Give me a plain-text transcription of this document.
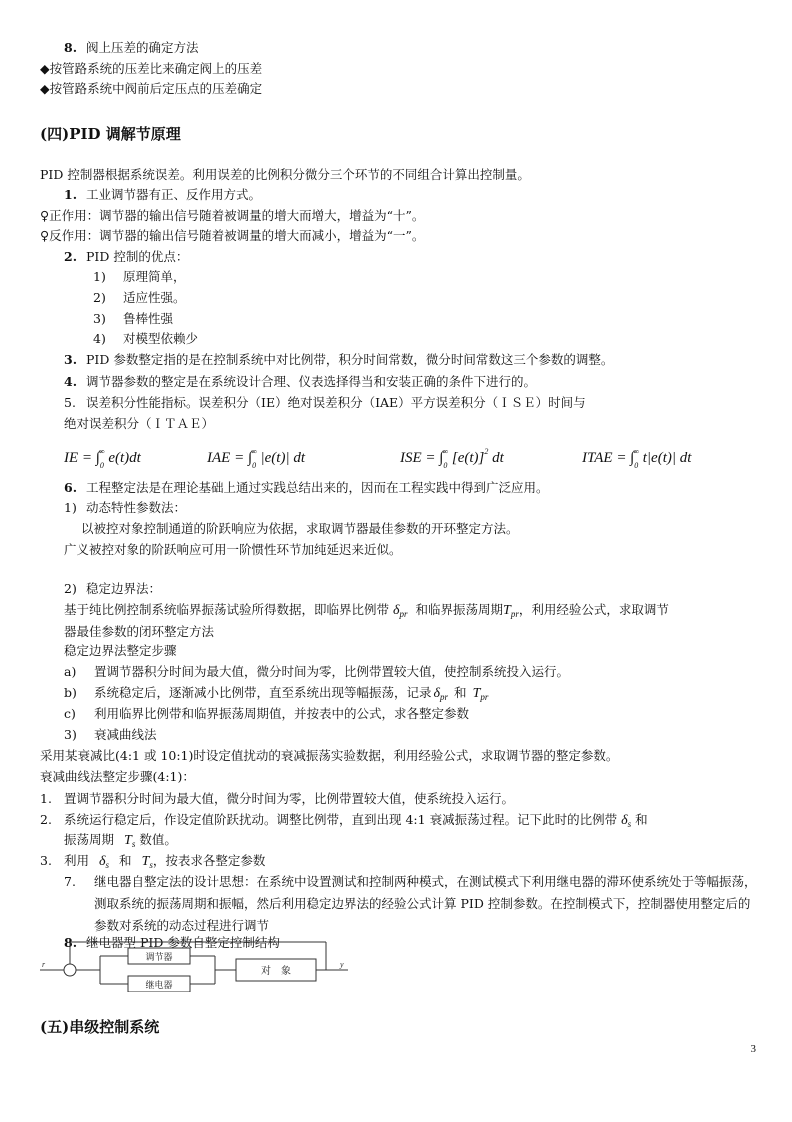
8. 阀上压差的确定方法
◆按管路系统的压差比来确定阀上的压差
◆按管路系统中阀前后定压点的压差确定
(四)PID 调解节原理
PID 控制器根据系统误差。利用误差的比例积分微分三个环节的不同组合计算出控制量。
1. 工业调节器有正、反作用方式。
♀正作用：调节器的输出信号随着被调量的增大而增大，增益为“十”。
♀反作用：调节器的输出信号随着被调量的增大而减小，增益为“一”。
2. PID 控制的优点：
1) 原理简单，
2) 适应性强。
3) 鲁棒性强
4) 对模型依赖少
3. PID 参数整定指的是在控制系统中对比例带，积分时间常数，微分时间常数这三个参数的调整。
4. 调节器参数的整定是在系统设计合理、仪表选择得当和安装正确的条件下进行的。
5. 误差积分性能指标。误差积分（IE）绝对误差积分（IAE）平方误差积分（ＩＳＥ）时间与
绝对误差积分（ＩＴＡＥ）
IE = $\int_0^\infty$ e(t)dt	IAE = $\int_0^\infty$ |e(t)| dt	ISE = $\int_0^\infty$ $[e(t)]^2$ dt	ITAE = $\int_0^\infty$ t|e(t)| dt
6. 工程整定法是在理论基础上通过实践总结出来的，因而在工程实践中得到广泛应用。
1) 动态特性参数法：
以被控对象控制通道的阶跃响应为依据，求取调节器最佳参数的开环整定方法。
广义被控对象的阶跃响应可用一阶惯性环节加纯延迟来近似。
2) 稳定边界法：
基于纯比例控制系统临界振荡试验所得数据，即临界比例带 $\delta_{pr}$ 和临界振荡周期$T_{pr}$，利用经验公式，求取调节
器最佳参数的闭环整定方法
稳定边界法整定步骤
a) 置调节器积分时间为最大值，微分时间为零，比例带置较大值，使控制系统投入运行。
b) 系统稳定后，逐渐减小比例带，直至系统出现等幅振荡，记录 $\delta_{pr}$ 和 $T_{pr}$
c) 利用临界比例带和临界振荡周期值，并按表中的公式，求各整定参数
3) 衰减曲线法
采用某衰减比(4:1 或 10:1)时设定值扰动的衰减振荡实验数据，利用经验公式，求取调节器的整定参数。
衰减曲线法整定步骤(4:1)：
1. 置调节器积分时间为最大值，微分时间为零，比例带置较大值，使系统投入运行。
2. 系统运行稳定后，作设定值阶跃扰动。调整比例带，直到出现 4:1 衰减振荡过程。记下此时的比例带 $\delta_s$ 和
振荡周期 $T_s$ 数值。
3. 利用 $\delta_s$ 和 $T_s$，按表求各整定参数
7.	继电器自整定法的设计思想：在系统中设置测试和控制两种模式，在测试模式下利用继电器的滞环使系统处于等幅振荡，测取系统的振荡周期和振幅，然后利用稳定边界法的经验公式计算 PID 控制参数。在控制模式下，控制器使用整定后的参数对系统的动态过程进行调节
8. 继电器型 PID 参数自整定控制结构
调节器
继电器
对　象
r	y
(五)串级控制系统
3
